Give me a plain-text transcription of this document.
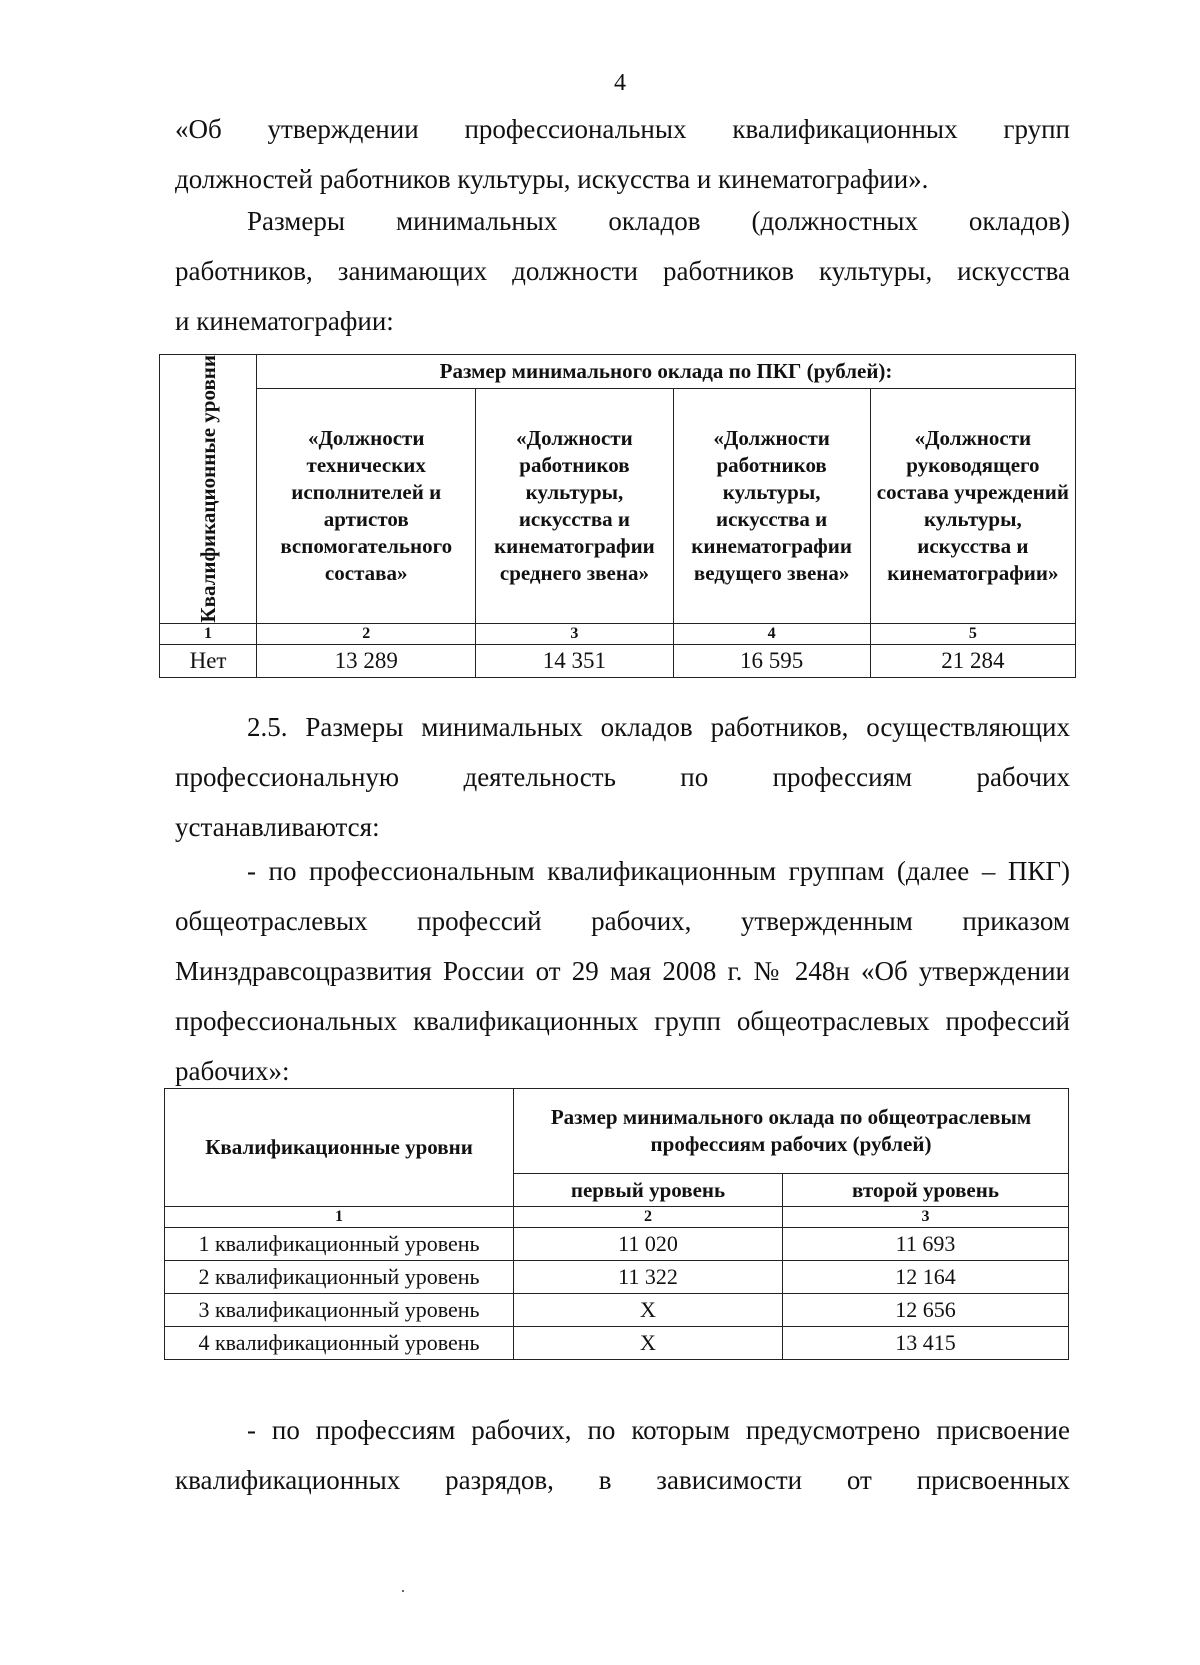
4

«Об утверждении профессиональных квалификационных групп
должностей работников культуры, искусства и кинематографии».

Размеры минимальных окладов (должностных окладов)
работников, занимающих должности работников культуры, искусства
и кинематографии:

Квалификационные уровни	Размер минимального оклада по ПКГ (рублей):			
	«Должности технических исполнителей и артистов вспомогательного состава»	«Должности работников культуры, искусства и кинематографии среднего звена»	«Должности работников культуры, искусства и кинематографии ведущего звена»	«Должности руководящего состава учреждений культуры, искусства и кинематографии»
1	2	3	4	5
Нет	13 289	14 351	16 595	21 284

2.5. Размеры минимальных окладов работников, осуществляющих
профессиональную деятельность по профессиям рабочих
устанавливаются:

- по профессиональным квалификационным группам (далее – ПКГ)
общеотраслевых профессий рабочих, утвержденным приказом
Минздравсоцразвития России от 29 мая 2008 г. № 248н «Об утверждении
профессиональных квалификационных групп общеотраслевых профессий
рабочих»:

Квалификационные уровни	Размер минимального оклада по общеотраслевым профессиям рабочих (рублей)	
	первый уровень	второй уровень
1	2	3
1 квалификационный уровень	11 020	11 693
2 квалификационный уровень	11 322	12 164
3 квалификационный уровень	Х	12 656
4 квалификационный уровень	Х	13 415

- по профессиям рабочих, по которым предусмотрено присвоение
квалификационных разрядов, в зависимости от присвоенных
